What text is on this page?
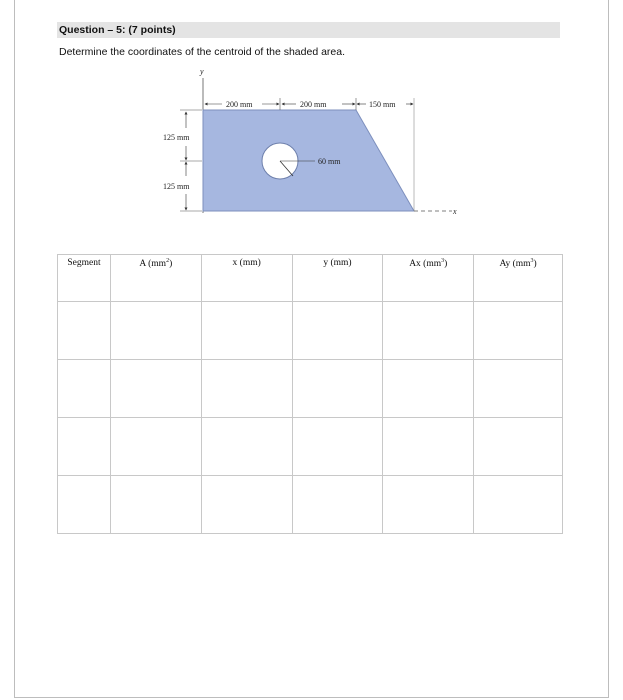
Question – 5: (7 points)
Determine the coordinates of the centroid of the shaded area.
y
60 mm
x
200 mm	200 mm	150 mm
125 mm
125 mm
Segment	A $(mm^2)$	x (mm)	y (mm)	Ax $(mm^3)$	Ay $(mm^3)$
